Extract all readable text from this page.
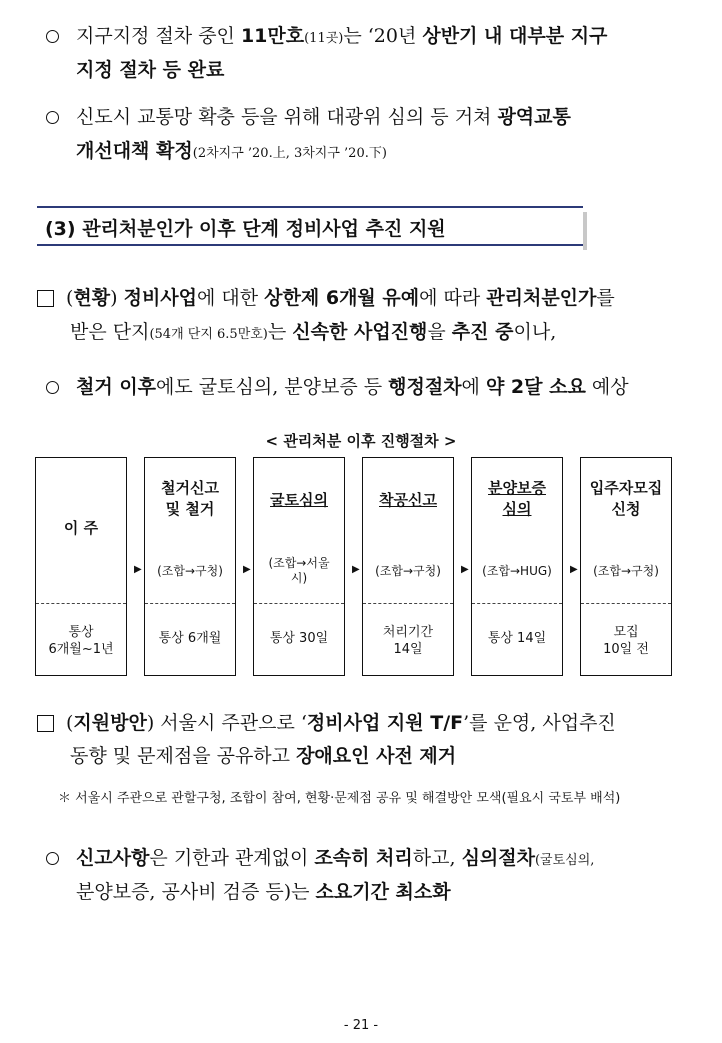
지구지정 절차 중인 11만호(11곳)는 ‘20년 상반기 내 대부분 지구
지정 절차 등 완료
신도시 교통망 확충 등을 위해 대광위 심의 등 거쳐 광역교통
개선대책 확정(2차지구 ’20.上, 3차지구 ’20.下)
(3) 관리처분인가 이후 단계 정비사업 추진 지원
(현황) 정비사업에 대한 상한제 6개월 유예에 따라 관리처분인가를
받은 단지(54개 단지 6.5만호)는 신속한 사업진행을 추진 중이나,
철거 이후에도 굴토심의, 분양보증 등 행정절차에 약 2달 소요 예상
< 관리처분 이후 진행절차 >
이 주
통상
6개월~1년
▶
철거신고
및 철거
(조합→구청)
통상 6개월
▶
굴토심의
(조합→서울
시)
통상 30일
▶
착공신고
(조합→구청)
처리기간
14일
▶
분양보증
심의
(조합→HUG)
통상 14일
▶
입주자모집
신청
(조합→구청)
모집
10일 전
(지원방안) 서울시 주관으로 ‘정비사업 지원 T/F’를 운영, 사업추진
동향 및 문제점을 공유하고 장애요인 사전 제거
＊ 서울시 주관으로 관할구청, 조합이 참여, 현황·문제점 공유 및 해결방안 모색(필요시 국토부 배석)
신고사항은 기한과 관계없이 조속히 처리하고, 심의절차(굴토심의,
분양보증, 공사비 검증 등)는 소요기간 최소화
- 21 -
